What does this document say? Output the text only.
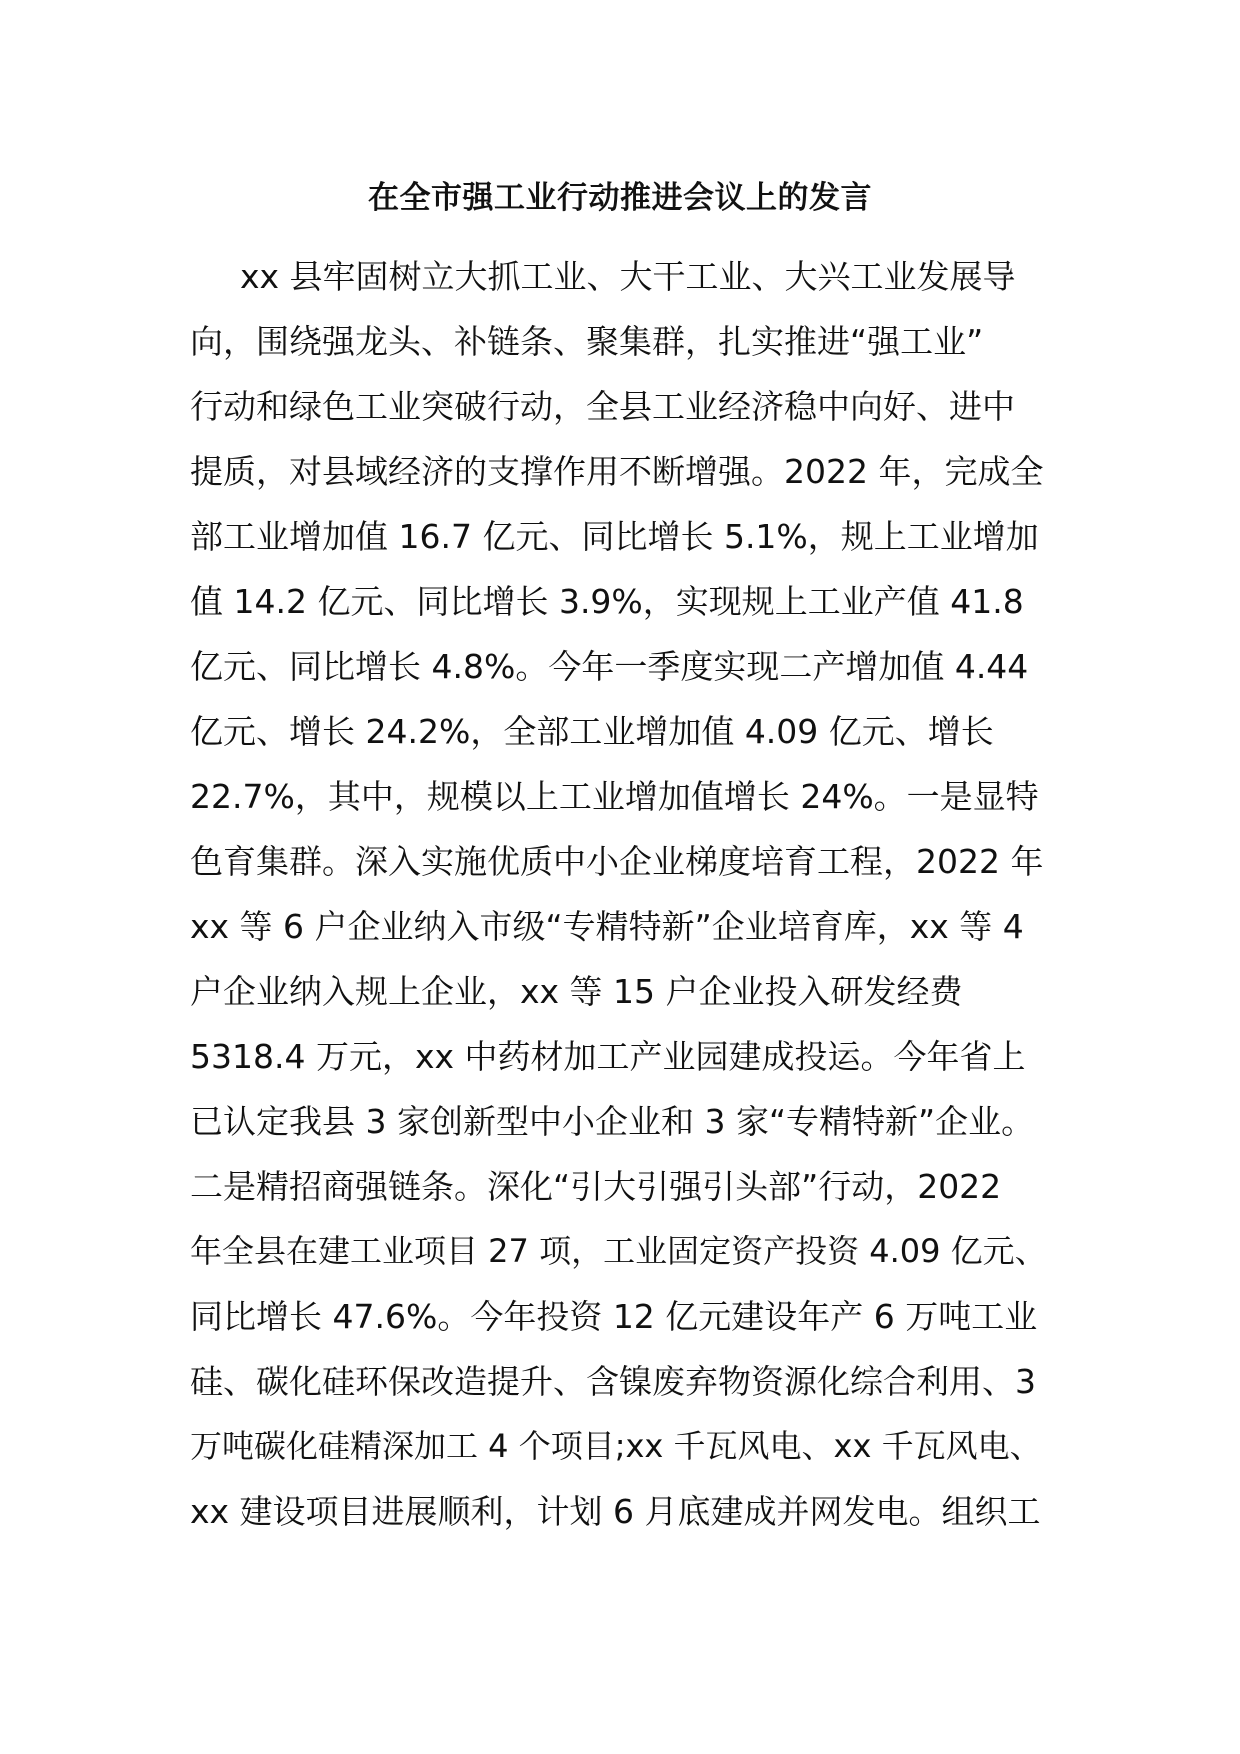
在全市强工业行动推进会议上的发言
xx 县牢固树立大抓工业、大干工业、大兴工业发展导
向，围绕强龙头、补链条、聚集群，扎实推进“强工业”
行动和绿色工业突破行动，全县工业经济稳中向好、进中
提质，对县域经济的支撑作用不断增强。2022 年，完成全
部工业增加值 16.7 亿元、同比增长 5.1%，规上工业增加
值 14.2 亿元、同比增长 3.9%，实现规上工业产值 41.8
亿元、同比增长 4.8%。今年一季度实现二产增加值 4.44
亿元、增长 24.2%，全部工业增加值 4.09 亿元、增长
22.7%，其中，规模以上工业增加值增长 24%。一是显特
色育集群。深入实施优质中小企业梯度培育工程，2022 年
xx 等 6 户企业纳入市级“专精特新”企业培育库，xx 等 4
户企业纳入规上企业，xx 等 15 户企业投入研发经费
5318.4 万元，xx 中药材加工产业园建成投运。今年省上
已认定我县 3 家创新型中小企业和 3 家“专精特新”企业。
二是精招商强链条。深化“引大引强引头部”行动，2022
年全县在建工业项目 27 项，工业固定资产投资 4.09 亿元、
同比增长 47.6%。今年投资 12 亿元建设年产 6 万吨工业
硅、碳化硅环保改造提升、含镍废弃物资源化综合利用、3
万吨碳化硅精深加工 4 个项目;xx 千瓦风电、xx 千瓦风电、
xx 建设项目进展顺利，计划 6 月底建成并网发电。组织工
